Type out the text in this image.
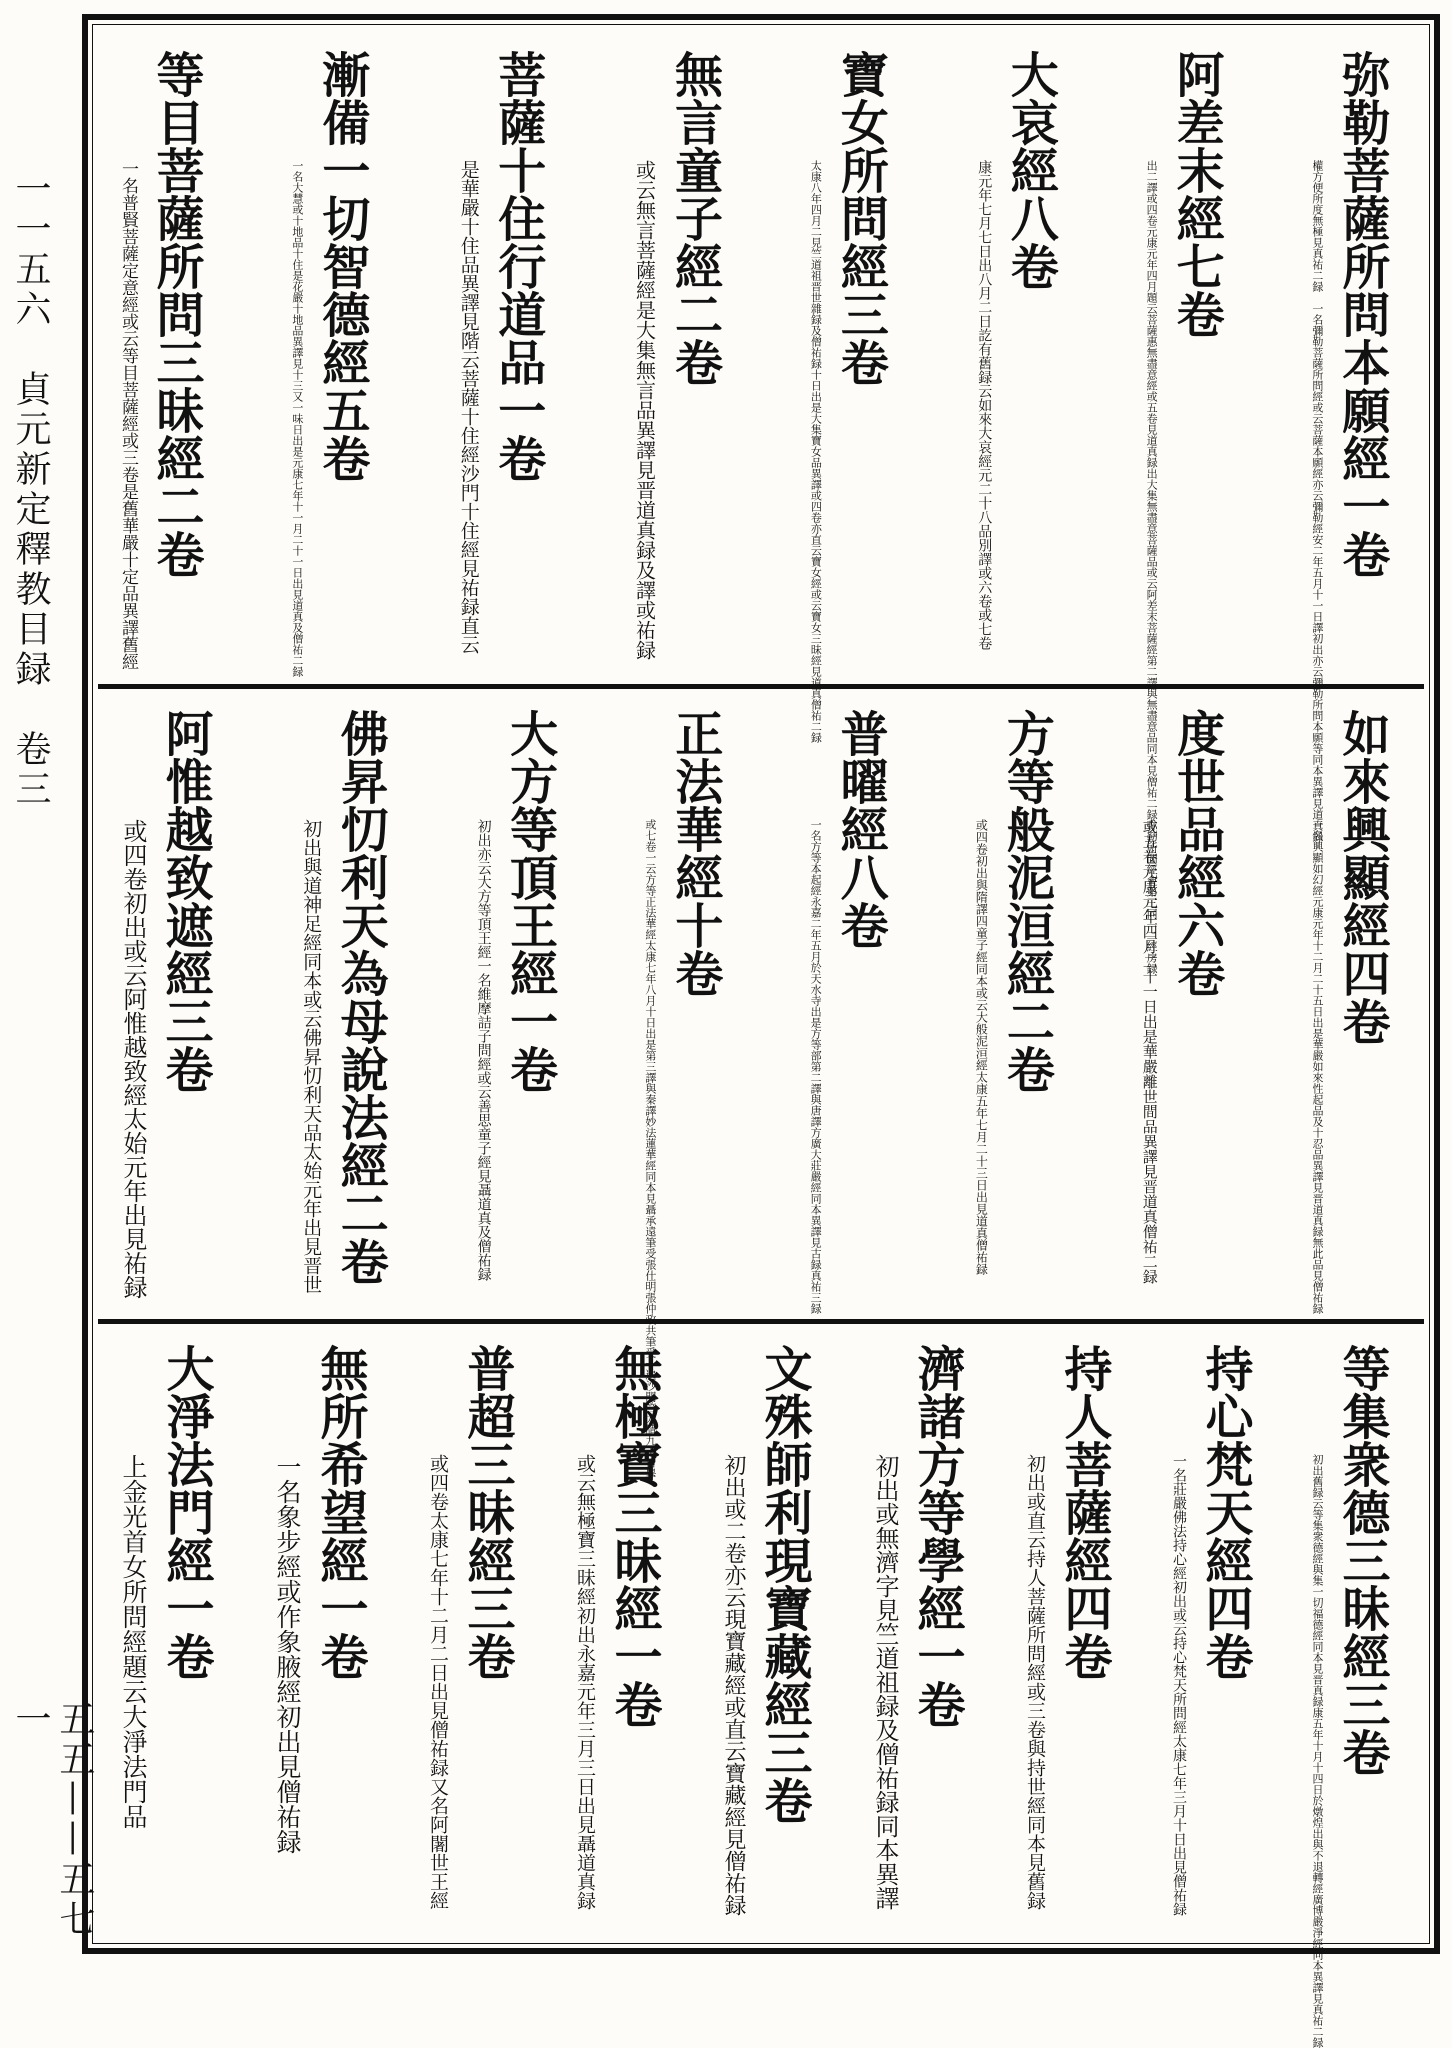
一一五六　貞元新定釋教目録　卷三
五五——五七一
弥勒菩薩所問本願經一卷
權方便所度無極見真祐二録　一名彌勒菩薩所問經或云菩薩本願經亦云彌勒經安二年五月十一日譯初出亦云彌勒所問本願等同本異譯見道真録
阿差末經七卷
出二譯或四卷元康元年四月題云菩薩惠無盡意經或五卷見道真録出大集無盡意菩薩品或云阿差末菩薩經第二譯與無盡意品同本見僧祐二録弥勒所問經會第三同一二經房録
大哀經八卷
康元年七月七日出八月二日訖有舊録云如來大哀經元二十八品別譯或六卷或七卷
寶女所問經三卷
太康八年四月二見竺道祖晋世雜録及僧祐録十日出是大集寶女品異譯或四卷亦直云寶女經或云寶女三昧經見道真僧祐二録
無言童子經二卷
或云無言菩薩經是大集無言品異譯見晋道真録及譯或祐録
菩薩十住行道品一卷
是華嚴十住品異譯見階云菩薩十住經沙門十住經見祐録直云
漸備一切智德經五卷
一名大慧或十地品十住是花嚴十地品異譯見十三又一味日出是元康七年十一月二十一日出見道真及僧祐二録
等目菩薩所問三昧經二卷
一名普賢菩薩定意經或云等目菩薩經或三卷是舊華嚴十定品異譯舊經
如來興顯經四卷
一名興顯如幻經元康元年十二月二十五日出是華嚴如來性起品及十忍品異譯見晋道真録無此品見僧祐録
度世品經六卷
或五卷元康元年四月二十一日出是華嚴離世間品異譯見晋道真僧祐二録
方等般泥洹經二卷
或四卷初出與隋譯四童子經同本或云大般泥洹經太康五年七月二十三日出見道真僧祐録
普曜經八卷
一名方等本起經永嘉二年五月於天水寺出是方等部第二譯與唐譯方廣大莊嚴經同本異譯見古録真祐三録
正法華經十卷
或七卷一云方等正法華經太康七年八月十日出是第三譯與秦譯妙法蓮華經同本見聶承遠筆受張仕明張仲政共筆受一遍沙門竺力請九十日畢
大方等頂王經一卷
初出亦云大方等頂王經一名維摩詰子問經或云善思童子經見聶道真及僧祐録
佛昇忉利天為母說法經二卷
初出與道神足經同本或云佛昇忉利天品太始元年出見晋世
阿惟越致遮經三卷
或四卷初出或云阿惟越致經太始元年出見祐録
等集衆德三昧經三卷
初出舊録云等集衆德經與集一切福德經同本見晋真録康五年十月十四日於燉煌出與不退轉經廣博嚴淨經同本異譯見真祐二録
持心梵天經四卷
一名莊嚴佛法持心經初出或云持心梵天所問經太康七年三月十日出見僧祐録
持人菩薩經四卷
初出或直云持人菩薩所問經或三卷與持世經同本見舊録
濟諸方等學經一卷
初出或無濟字見竺道祖録及僧祐録同本異譯
文殊師利現寶藏經三卷
初出或二卷亦云現寶藏經或直云寶藏經見僧祐録
無極寶三昧經一卷
或云無極寶三昧經初出永嘉元年三月三日出見聶道真録
普超三昧經三卷
或四卷太康七年十二月二日出見僧祐録又名阿闍世王經
無所希望經一卷
一名象步經或作象腋經初出見僧祐録
大淨法門經一卷
上金光首女所問經題云大淨法門品
